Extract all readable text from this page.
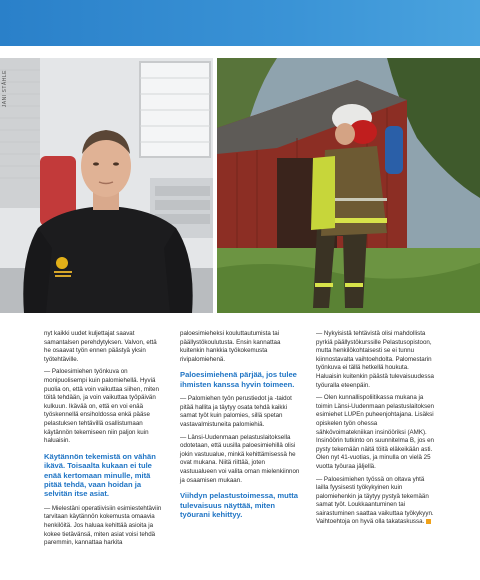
JANI STÅHLE

nyt kaikki uudet kuljettajat saavat samantalsen perehdytyksen. Valvon, että he osaavat työn ennen päästyä yksin työtehtäville.

— Paloesimiehen työnkuva on monipuolisempi kuin palomiehellä. Hyviä puolia on, että voin vaikuttaa siihen, miten töitä tehdään, ja voin vaikuttaa työpäivän kulkuun. Ikävää on, että en voi enää työskennellä ensiholdossa enkä pääse pelastuksen tehtävillä osallistumaan käytännön tekemiseen niin paljon kuin haluaisin.

Käytännön tekemistä on vähän ikävä. Toisaalta kukaan ei tule enää kertomaan minulle, mitä pitää tehdä, vaan hoidan ja selvitän itse asiat.

— Mielestäni operatiivisiin esimiestehtäviin tarvitaan käytännön kokemusta omaavia henkilöitä. Jos haluaa kehittää asioita ja kokee tietävänsä, miten asiat voisi tehdä paremmin, kannattaa harkita

paloesimieheksi kouluttautumista tai päällystökoulutusta. Ensin kannattaa kuitenkin hankkia työkokemusta rivipalomiehenä.

Paloesimiehenä pärjää, jos tulee ihmisten kanssa hyvin toimeen.

— Palomiehen työn perustiedot ja -taidot pitää hallita ja täytyy osata tehdä kaikki samat työt kuin palomies, sillä spetan vastavalmistuneita palomiehiä.

— Länsi-Uudenmaan pelastuslaitoksella odotetaan, että uusilla paloesimiehillä olisi jokin vastuualue, minkä kehittämisessä he ovat mukana. Niitä riittää, joten vastuualueen voi valita oman mielenkiinnon ja osaamisen mukaan.

Viihdyn pelastustoimessa, mutta tulevaisuus näyttää, miten työurani kehittyy.

— Nykyisistä tehtävistä olisi mahdollista pyrkiä päällystökurssille Pelastusopistoon, mutta henkilökohtaisesti se ei tunnu kiinnostavalta vaihtoehdolta. Palomestarin työnkuva ei tällä hetkellä houkuta. Haluaisin kuitenkin päästä tulevaisuudessa työuralla eteenpäin.

— Olen kunnallispoliitikassa mukana ja toimin Länsi-Uudenmaan pelastuslaitoksen esimiehet LUPEn puheenjohtajana. Lisäksi opiskelen työn ohessa sähkövoimatekniikan insinööriksi (AMK). Insinöörin tutkinto on suunnitelma B, jos en pysty tekemään näitä töitä eläkeikään asti. Olen nyt 41-vuotias, ja minulla on vielä 25 vuotta työuraa jäljellä.

— Paloesimiehen työssä on oltava yhtä lailla fyysisesti työkykyinen kuin palomiehenkin ja täytyy pystyä tekemään samat työt. Loukkaantuminen tai sairastuminen saattaa vaikuttaa työkykyyn. Vaihtoehtoja on hyvä olla takataskussa.
